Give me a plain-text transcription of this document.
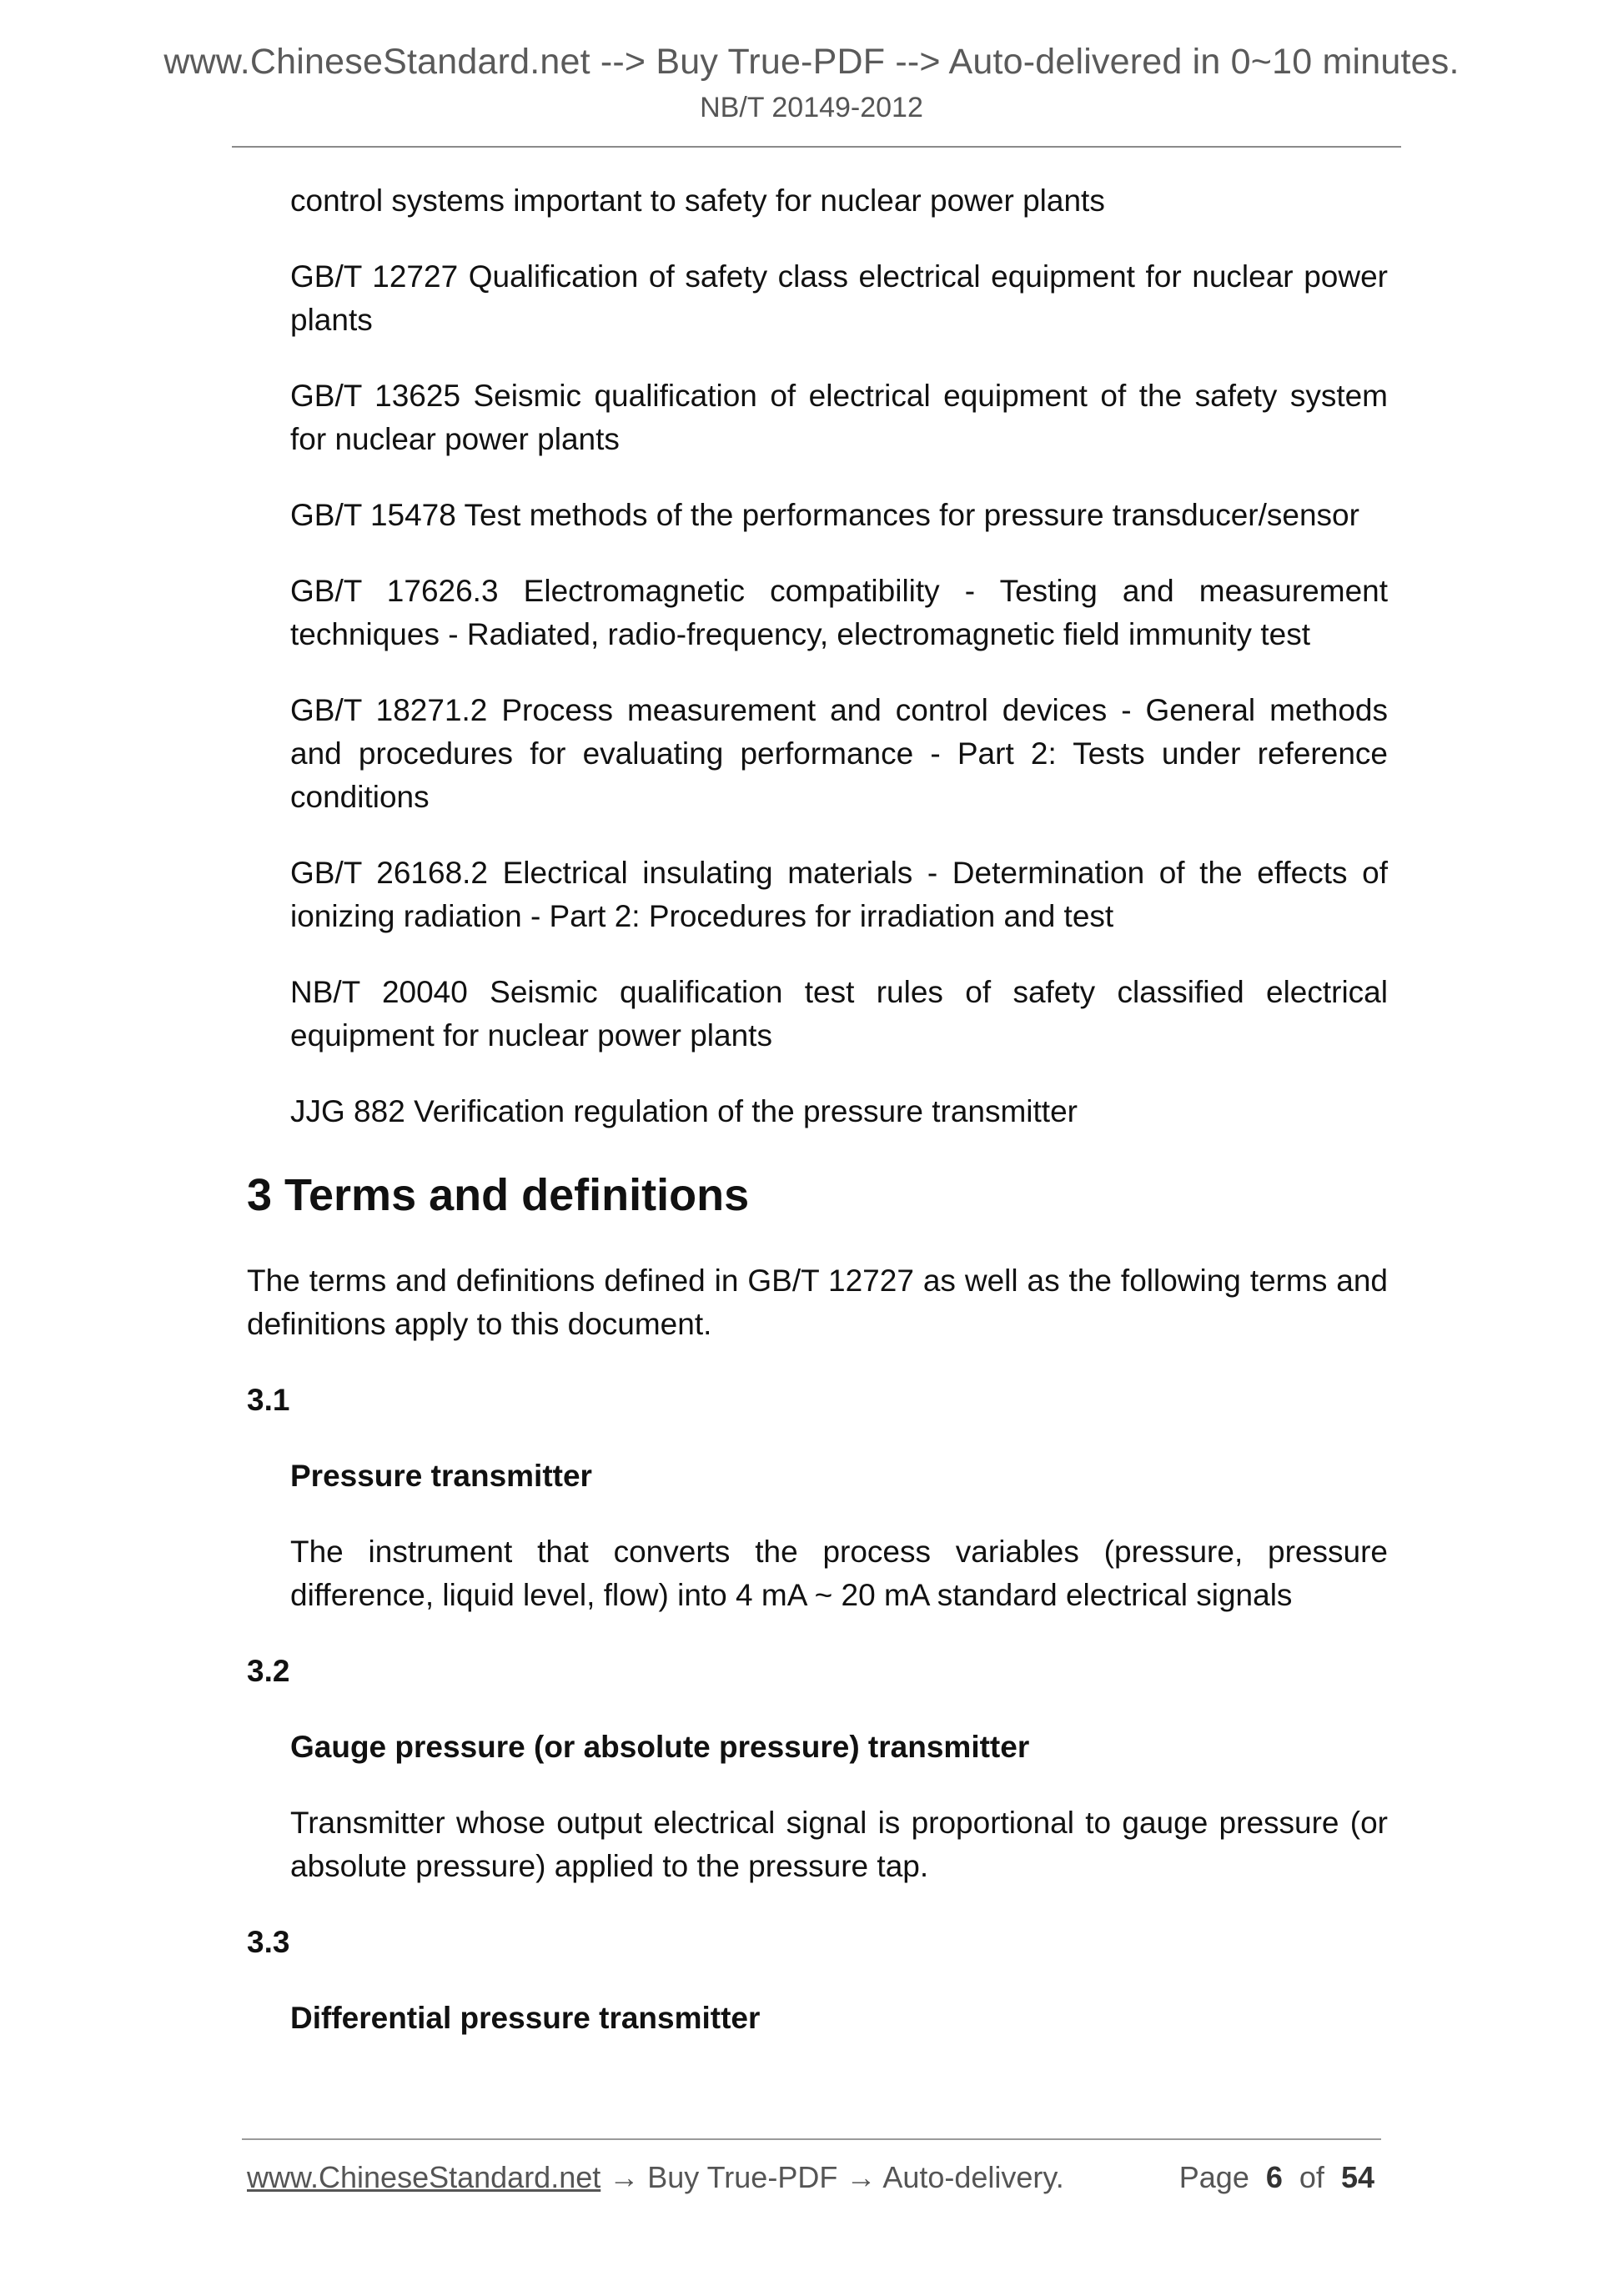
www.ChineseStandard.net --> Buy True-PDF --> Auto-delivered in 0~10 minutes.
NB/T 20149-2012
control systems important to safety for nuclear power plants
GB/T 12727 Qualification of safety class electrical equipment for nuclear power plants
GB/T 13625 Seismic qualification of electrical equipment of the safety system for nuclear power plants
GB/T 15478 Test methods of the performances for pressure transducer/sensor
GB/T 17626.3 Electromagnetic compatibility - Testing and measurement techniques - Radiated, radio-frequency, electromagnetic field immunity test
GB/T 18271.2 Process measurement and control devices - General methods and procedures for evaluating performance - Part 2: Tests under reference conditions
GB/T 26168.2 Electrical insulating materials - Determination of the effects of ionizing radiation - Part 2: Procedures for irradiation and test
NB/T 20040 Seismic qualification test rules of safety classified electrical equipment for nuclear power plants
JJG 882 Verification regulation of the pressure transmitter
3 Terms and definitions
The terms and definitions defined in GB/T 12727 as well as the following terms and definitions apply to this document.
3.1
Pressure transmitter
The instrument that converts the process variables (pressure, pressure difference, liquid level, flow) into 4 mA ~ 20 mA standard electrical signals
3.2
Gauge pressure (or absolute pressure) transmitter
Transmitter whose output electrical signal is proportional to gauge pressure (or absolute pressure) applied to the pressure tap.
3.3
Differential pressure transmitter
www.ChineseStandard.net → Buy True-PDF → Auto-delivery.	Page 6 of 54
